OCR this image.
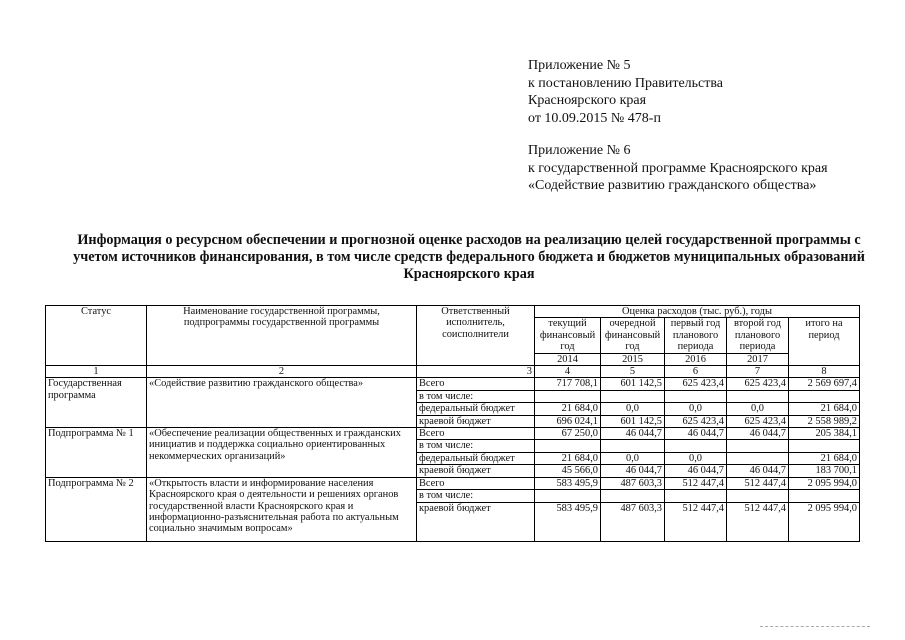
Приложение № 5
к постановлению Правительства
Красноярского края
от 10.09.2015 № 478-п
Приложение № 6
к государственной программе Красноярского края
«Содействие развитию гражданского общества»
Информация о ресурсном обеспечении и прогнозной оценке расходов на реализацию целей государственной программы с учетом источников финансирования, в том числе средств федерального бюджета и бюджетов муниципальных образований Красноярского края
Статус	Наименование государственной программы, подпрограммы государственной программы	Ответственный исполнитель, соисполнители	Оценка расходов (тыс. руб.), годы				
			текущий финансовый год	очередной финансовый год	первый год планового периода	второй год планового периода	итого на период
			2014	2015	2016	2017	
1	2	3	4	5	6	7	8
Государственная программа	«Содействие развитию гражданского общества»	Всего	717 708,1	601 142,5	625 423,4	625 423,4	2 569 697,4
		в том числе:					
		федеральный бюджет	21 684,0	0,0	0,0	0,0	21 684,0
		краевой бюджет	696 024,1	601 142,5	625 423,4	625 423,4	2 558 989,2
Подпрограмма № 1	«Обеспечение реализации общественных и гражданских инициатив и поддержка социально ориентированных некоммерческих организаций»	Всего	67 250,0	46 044,7	46 044,7	46 044,7	205 384,1
		в том числе:					
		федеральный бюджет	21 684,0	0,0	0,0		21 684,0
		краевой бюджет	45 566,0	46 044,7	46 044,7	46 044,7	183 700,1
Подпрограмма № 2	«Открытость власти и информирование населения Красноярского края о деятельности и решениях органов государственной власти Красноярского края и информационно-разъяснительная работа по актуальным социально значимым вопросам»	Всего	583 495,9	487 603,3	512 447,4	512 447,4	2 095 994,0
		в том числе:					
		краевой бюджет	583 495,9	487 603,3	512 447,4	512 447,4	2 095 994,0
